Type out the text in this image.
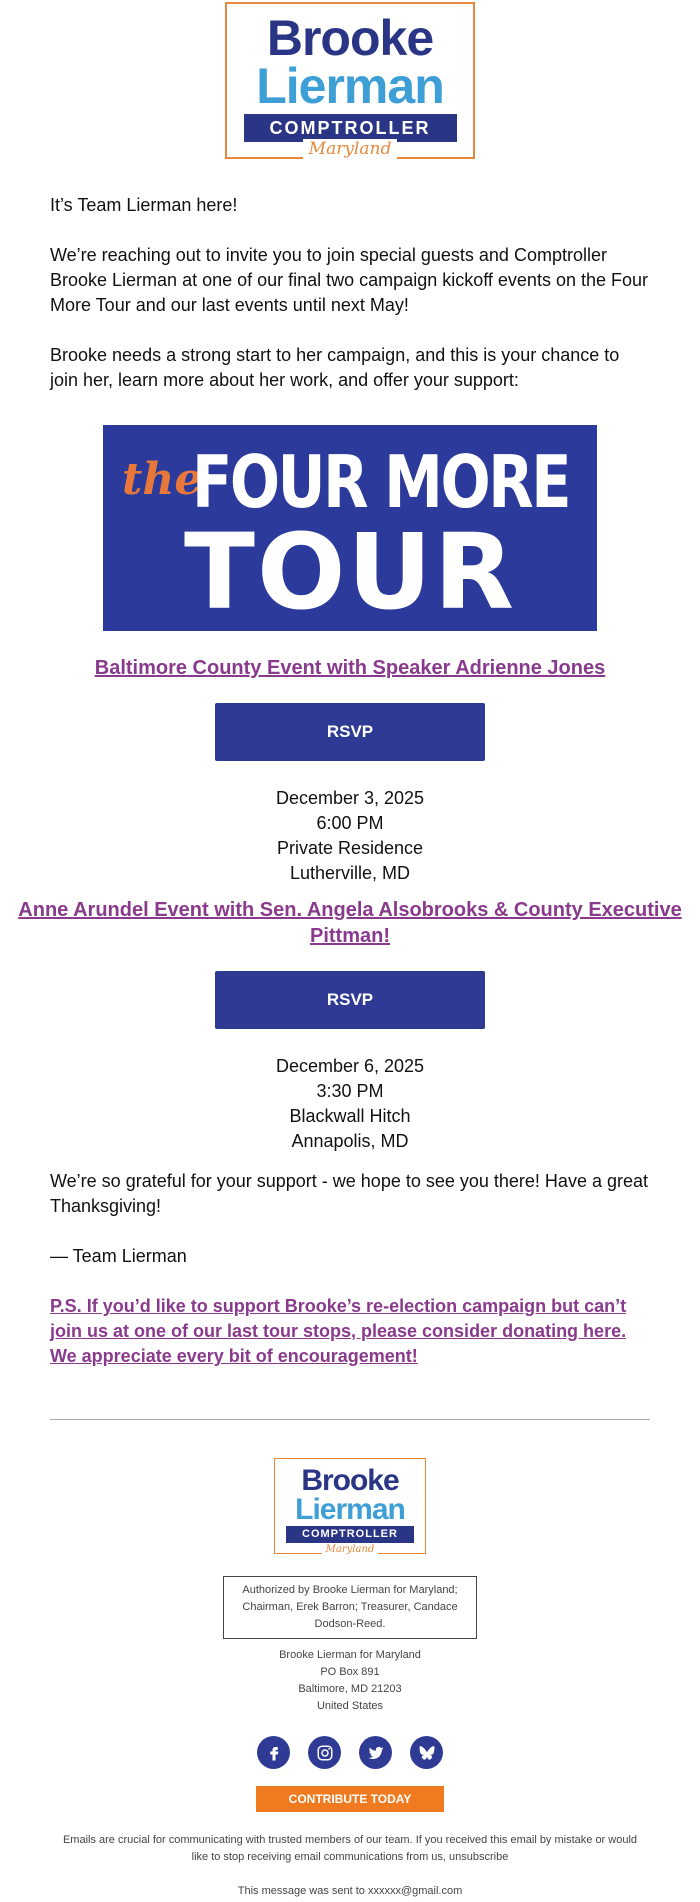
Brooke
Lierman
COMPTROLLER
Maryland

It’s Team Lierman here!

We’re reaching out to invite you to join special guests and Comptroller Brooke Lierman at one of our final two campaign kickoff events on the Four More Tour and our last events until next May!

Brooke needs a strong start to her campaign, and this is your chance to join her, learn more about her work, and offer your support:

the
FOUR MORE
TOUR
Baltimore County Event with Speaker Adrienne Jones
RSVP
December 3, 2025
6:00 PM
Private Residence
Lutherville, MD
Anne Arundel Event with Sen. Angela Alsobrooks & County Executive Pittman!
RSVP
December 6, 2025
3:30 PM
Blackwall Hitch
Annapolis, MD

We’re so grateful for your support - we hope to see you there! Have a great Thanksgiving!

— Team Lierman

P.S. If you’d like to support Brooke’s re-election campaign but can’t join us at one of our last tour stops, please consider donating here. We appreciate every bit of encouragement!

Brooke
Lierman
COMPTROLLER
Maryland
Authorized by Brooke Lierman for Maryland; Chairman, Erek Barron; Treasurer, Candace Dodson-Reed.
Brooke Lierman for Maryland
PO Box 891
Baltimore, MD 21203
United States
CONTRIBUTE TODAY
Emails are crucial for communicating with trusted members of our team. If you received this email by mistake or would like to stop receiving email communications from us, unsubscribe
This message was sent to xxxxxx@gmail.com
